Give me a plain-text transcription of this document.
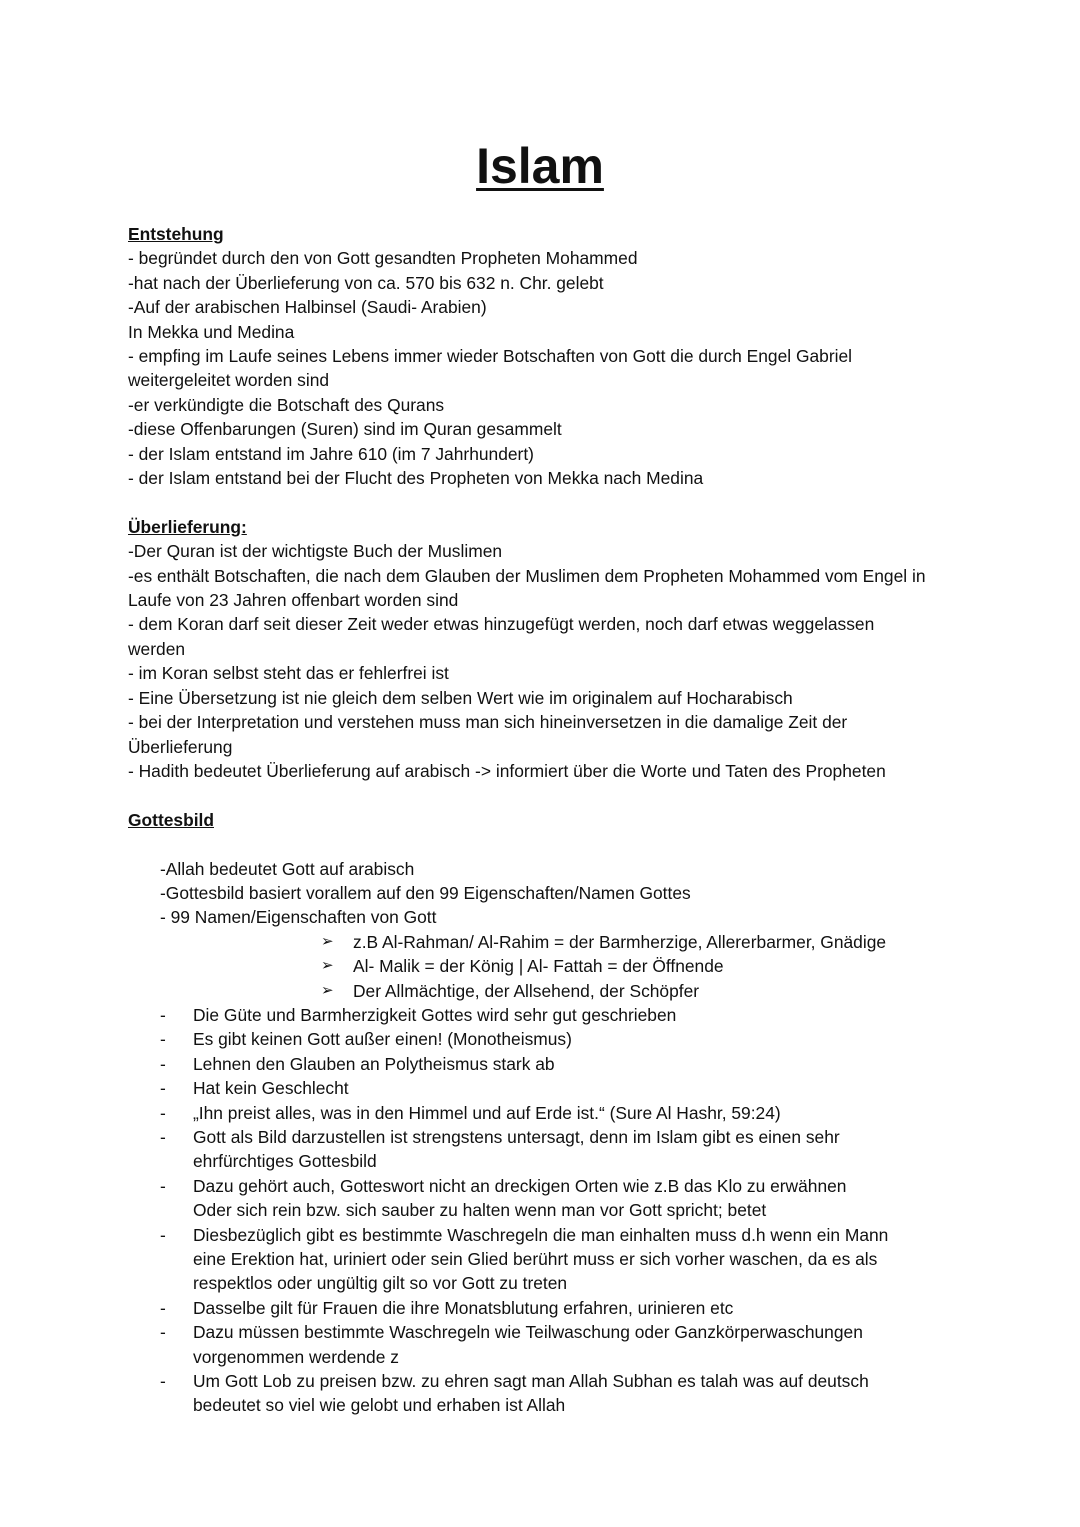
Islam

Entstehung

- begründet durch den von Gott gesandten Propheten Mohammed

-hat nach der Überlieferung von ca. 570 bis 632 n. Chr. gelebt

-Auf der arabischen Halbinsel (Saudi- Arabien)

In Mekka und Medina

- empfing im Laufe seines Lebens immer wieder Botschaften von Gott die durch Engel Gabriel weitergeleitet worden sind

-er verkündigte die Botschaft des Qurans

-diese Offenbarungen (Suren) sind im Quran gesammelt

- der Islam entstand im Jahre 610 (im 7 Jahrhundert)

- der Islam entstand bei der Flucht des Propheten von Mekka nach Medina

Überlieferung:

-Der Quran ist der wichtigste Buch der Muslimen

-es enthält Botschaften, die nach dem Glauben der Muslimen dem Propheten Mohammed vom Engel in Laufe von 23 Jahren offenbart worden sind

- dem Koran darf seit dieser Zeit weder etwas hinzugefügt werden, noch darf etwas weggelassen werden

- im Koran selbst steht das er fehlerfrei ist

- Eine Übersetzung ist nie gleich dem selben Wert wie im originalem auf Hocharabisch

- bei der Interpretation und verstehen muss man sich hineinversetzen in die damalige Zeit der Überlieferung

- Hadith bedeutet Überlieferung auf arabisch -> informiert über die Worte und Taten des Propheten

Gottesbild

-Allah bedeutet Gott auf arabisch

-Gottesbild basiert vorallem auf den 99 Eigenschaften/Namen Gottes

- 99 Namen/Eigenschaften von Gott

➢	z.B Al-Rahman/ Al-Rahim = der Barmherzige, Allererbarmer, Gnädige

➢	Al- Malik = der König | Al- Fattah = der Öffnende

➢	Der Allmächtige, der Allsehend, der Schöpfer

- Die Güte und Barmherzigkeit Gottes wird sehr gut geschrieben

- Es gibt keinen Gott außer einen! (Monotheismus)

- Lehnen den Glauben an Polytheismus stark ab

- Hat kein Geschlecht

- „Ihn preist alles, was in den Himmel und auf Erde ist.“ (Sure Al Hashr, 59:24)

- Gott als Bild darzustellen ist strengstens untersagt, denn im Islam gibt es einen sehr ehrfürchtiges Gottesbild

- Dazu gehört auch, Gotteswort nicht an dreckigen Orten wie z.B das Klo zu erwähnen Oder sich rein bzw. sich sauber zu halten wenn man vor Gott spricht; betet

- Diesbezüglich gibt es bestimmte Waschregeln die man einhalten muss d.h wenn ein Mann eine Erektion hat, uriniert oder sein Glied berührt muss er sich vorher waschen, da es als respektlos oder ungültig gilt so vor Gott zu treten

- Dasselbe gilt für Frauen die ihre Monatsblutung erfahren, urinieren etc

- Dazu müssen bestimmte Waschregeln wie Teilwaschung oder Ganzkörperwaschungen vorgenommen werdende z

- Um Gott Lob zu preisen bzw. zu ehren sagt man Allah Subhan es talah was auf deutsch bedeutet so viel wie gelobt und erhaben ist Allah
